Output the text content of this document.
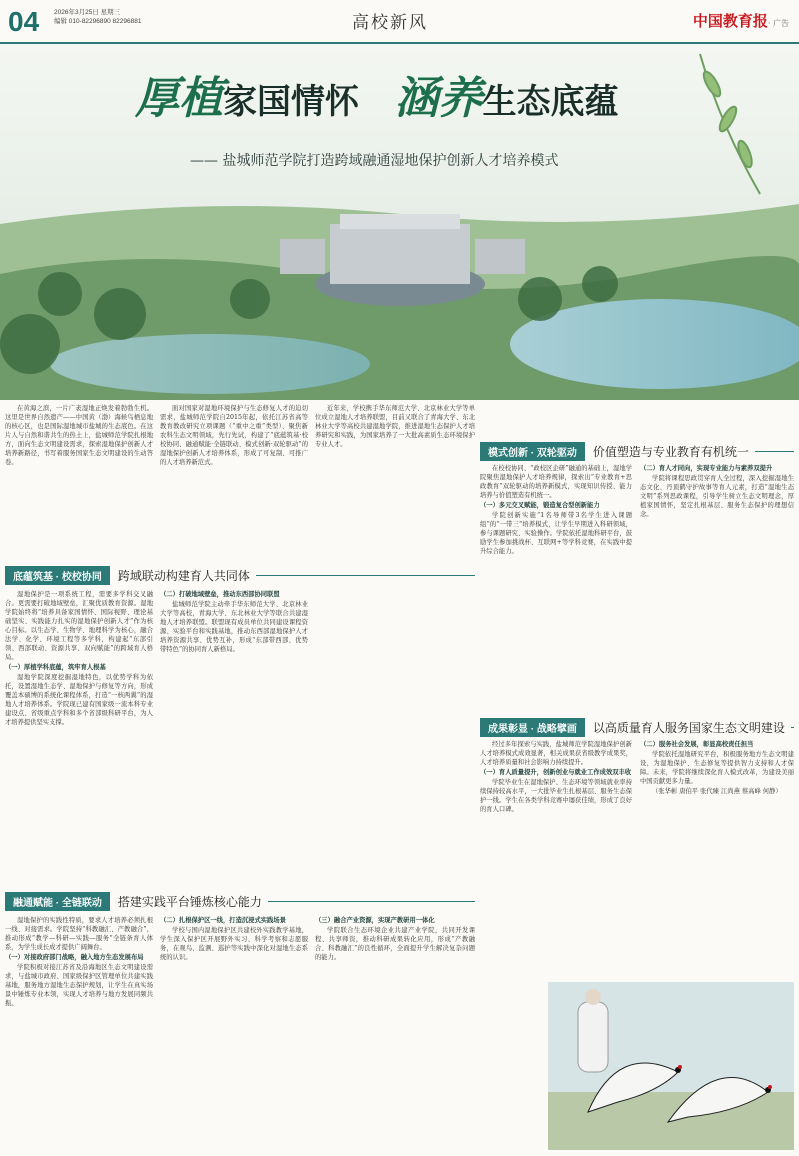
04 2026年3月25日 星期三
编辑 010-82296890 82296881	高校新风	中国教育报· 广告
厚植家国情怀 涵养生态底蕴
—— 盐城师范学院打造跨域融通湿地保护创新人才培养模式

在黄海之滨，一片广袤湿地正焕发着勃勃生机。这里是世界自然遗产——中国黄（渤）海候鸟栖息地的核心区，也是国际湿地城市盐城的生态底色。在这片人与自然和谐共生的热土上，盐城师范学院扎根地方，面向生态文明建设需求，探索湿地保护创新人才培养新路径，书写着服务国家生态文明建设的生动答卷。

面对国家对湿地环境保护与生态修复人才的迫切需求，盐城师范学院自2015年起，依托江苏省高等教育教改研究立项课题（“重中之重”类型）、聚焦新农科生态文明领域，先行先试，构建了“底蕴筑基·校校协同、融通赋能·全链联动、模式创新·双轮驱动”的湿地保护创新人才培养体系，形成了可复制、可推广的人才培养新范式。

近年来，学校携手华东师范大学、北京林业大学等单位成立湿地人才培养联盟，目前又联合了青海大学、东北林业大学等高校共建湿地学院，推进湿地生态保护人才培养研究和实践，为国家培养了一大批高素质生态环境保护专业人才。

底蕴筑基 · 校校协同	跨域联动构建育人共同体

湿地保护是一项系统工程，需要多学科交叉融合。更需要打破地域壁垒，汇聚优质教育资源。湿地学院始终将“培养具备家国情怀、国际视野、理论基础坚实、实践能力扎实的湿地保护创新人才”作为核心目标。以生态学、生物学、地理科学为核心，融合法学、化学、环境工程等多学科，构建起“东部引领、西部联动、资源共享、双向赋能”的跨域育人格局。

（一）厚植学科底蕴，筑牢育人根基

湿地学院深度挖掘湿地特色，以优势学科为依托，设置湿地生态学、湿地保护与修复等方向，形成覆盖本硕博的系统化课程体系，打造“一核两翼”的湿地人才培养体系。学院现已建有国家级一流本科专业建设点、省级重点学科和多个省部级科研平台，为人才培养提供坚实支撑。

（二）打破地域壁垒，推动东西部协同联盟

盐城师范学院主动牵手华东师范大学、北京林业大学等高校，青海大学、东北林业大学等联合共建湿地人才培养联盟。联盟现有成员单位共同建设课程资源、实验平台和实践基地，推动东西部湿地保护人才培养资源共享、优势互补，形成“东部带西部、优势带特色”的协同育人新格局。

融通赋能 · 全链联动	搭建实践平台锤炼核心能力

湿地保护的实践性特质，要求人才培养必须扎根一线、对接需求。学院坚持“科教融汇、产教融合”，推动形成“教学—科研—实践—服务”全链条育人体系，为学生成长成才提供广阔舞台。

（一）对接政府部门战略，融入地方生态发展布局

学院积极对接江苏省及沿海地区生态文明建设需求，与盐城市政府、国家级保护区管理单位共建实践基地，服务地方湿地生态保护规划，让学生在真实场景中锤炼专业本领，实现人才培养与地方发展同频共振。

（二）扎根保护区一线，打造沉浸式实践场景

学校与国内湿地保护区共建校外实践教学基地，学生深入保护区开展野外实习、科学考察和志愿服务，在观鸟、监测、巡护等实践中深化对湿地生态系统的认识。

（三）融合产业资源，实现产教研用一体化

学院联合生态环境企业共建产业学院，共同开发课程、共享师资，推动科研成果转化应用，形成“产教融合、科教融汇”的良性循环，全面提升学生解决复杂问题的能力。

模式创新 · 双轮驱动	价值塑造与专业教育有机统一

在校校协同、“政校区企研”融通的基础上，湿地学院聚焦湿地保护人才培养规律，探索出“专业教育+思政教育”双轮驱动的培养新模式，实现知识传授、能力培养与价值塑造有机统一。

（一）多元交叉赋能，锻造复合型创新能力

学院创新实施“1名导师带3名学生进入课题组”的“一带三”培养模式，让学生早期进入科研领域，参与课题研究、实验操作。学院依托湿地科研平台，鼓励学生参加挑战杯、互联网+等学科竞赛，在实践中提升综合能力。

（二）育人才同向，实现专业能力与素养双提升

学院将课程思政贯穿育人全过程，深入挖掘湿地生态文化、丹顶鹤守护故事等育人元素，打造“湿地生态文明”系列思政课程，引导学生树立生态文明理念，厚植家国情怀，坚定扎根基层、服务生态保护的理想信念。

成果彰显 · 战略擘画	以高质量育人服务国家生态文明建设

经过多年探索与实践，盐城师范学院湿地保护创新人才培养模式成效显著，相关成果获省级教学成果奖，人才培养质量和社会影响力持续提升。

（一）育人质量提升，创新创业与就业工作成效双丰收

学院毕业生在湿地保护、生态环境等领域就业率持续保持较高水平，一大批毕业生扎根基层、服务生态保护一线。学生在各类学科竞赛中屡获佳绩，形成了良好的育人口碑。

（二）服务社会发展，彰显高校责任担当

学院依托湿地研究平台，积极服务地方生态文明建设，为湿地保护、生态修复等提供智力支持和人才保障。未来，学院将继续深化育人模式改革，为建设美丽中国贡献更多力量。

（张华彬 唐伯平 张代臻 江尚燕 蔡高峰 何静）
